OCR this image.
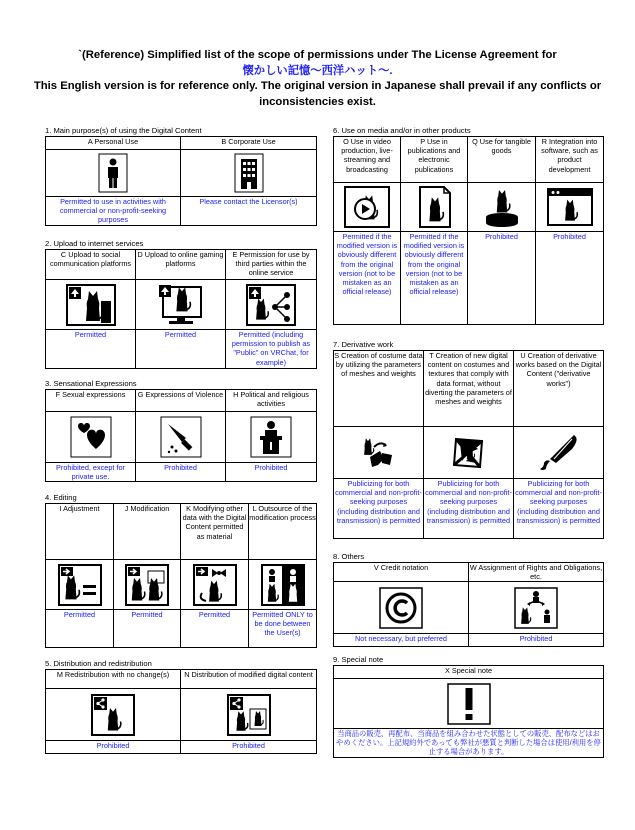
`(Reference) Simplified list of the scope of permissions under The License Agreement for
懐かしい記憶〜西洋ハット〜.
This English version is for reference only. The original version in Japanese shall prevail if any conflicts or
inconsistencies exist.
1. Main purpose(s) of using the Digital Content
A Personal Use	B Corporate Use

Permitted to use in activities with commercial or non-profit-seeking purposes	Please contact the Licensor(s)
2. Upload to internet services
C Upload to social communication platforms	D Upload to online gaming platforms	E Permission for use by third parties within the online service

Permitted	Permitted	Permitted (including permission to publish as "Public" on VRChat, for example)
3. Sensational Expressions
F Sexual expressions	G Expressions of Violence	H Political and religious activities

Prohibited, except for private use.	Prohibited	Prohibited
4. Editing
I Adjustment	J Modification	K Modifying other data with the Digital Content permitted as material	L Outsource of the modification process

Permitted	Permitted	Permitted	Permitted ONLY to be done between the User(s)
5. Distribution and redistribution
M Redistribution with no change(s)	N Distribution of modified digital content

Prohibited	Prohibited
6. Use on media and/or in other products
O Use in video production, live-streaming and broadcasting	P Use in publications and electronic publications	Q Use for tangible goods	R Integration into software, such as product development

Permitted if the modified version is obviously different from the original version (not to be mistaken as an official release)	Permitted if the modified version is obviously different from the original version (not to be mistaken as an official release)	Prohibited	Prohibited
7. Derivative work
S Creation of costume data by utilizing the parameters of meshes and weights	T Creation of new digital content on costumes and textures that comply with data format, without diverting the parameters of meshes and weights	U Creation of derivative works based on the Digital Content ("derivative works")

Publicizing for both commercial and non-profit-seeking purposes (including distribution and transmission) is permitted	Publicizing for both commercial and non-profit-seeking purposes (including distribution and transmission) is permitted	Publicizing for both commercial and non-profit-seeking purposes (including distribution and transmission) is permitted
8. Others
V Credit notation	W Assignment of Rights and Obligations, etc.

Not necessary, but preferred	Prohibited
9. Special note
X Special note

当商品の販売、再配布、当商品を組み合わせた状態としての販売、配布などはおやめください。上記規約外であっても弊社が悪質と判断した場合は使用/利用を停止する場合があります。
